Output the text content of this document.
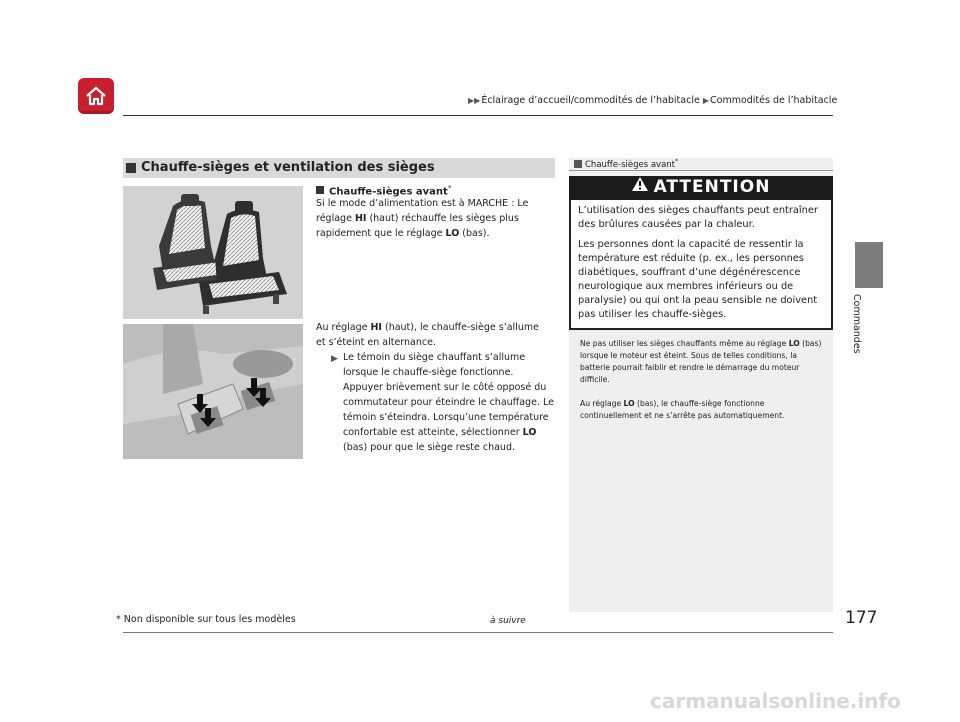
▶▶Éclairage d’accueil/commodités de l’habitacle ▶Commodités de l’habitacle
Commandes
Chauffe-sièges et ventilation des sièges
Chauffe-sièges avant*
Si le mode d’alimentation est à MARCHE : Le réglage HI (haut) réchauffe les sièges plus rapidement que le réglage LO (bas).
Au réglage HI (haut), le chauffe-siège s’allume et s’éteint en alternance.
▶ Le témoin du siège chauffant s’allume lorsque le chauffe-siège fonctionne. Appuyer brièvement sur le côté opposé du commutateur pour éteindre le chauffage. Le témoin s’éteindra. Lorsqu’une température confortable est atteinte, sélectionner LO (bas) pour que le siège reste chaud.
Chauffe-sièges avant*
ATTENTION
L’utilisation des sièges chauffants peut entraîner des brûlures causées par la chaleur.
Les personnes dont la capacité de ressentir la température est réduite (p. ex., les personnes diabétiques, souffrant d’une dégénérescence neurologique aux membres inférieurs ou de paralysie) ou qui ont la peau sensible ne doivent pas utiliser les chauffe-sièges.
Ne pas utiliser les sièges chauffants même au réglage LO (bas) lorsque le moteur est éteint. Sous de telles conditions, la batterie pourrait faiblir et rendre le démarrage du moteur difficile.
Au réglage LO (bas), le chauffe-siège fonctionne continuellement et ne s’arrête pas automatiquement.
* Non disponible sur tous les modèles	à suivre	177
carmanualsonline.info
